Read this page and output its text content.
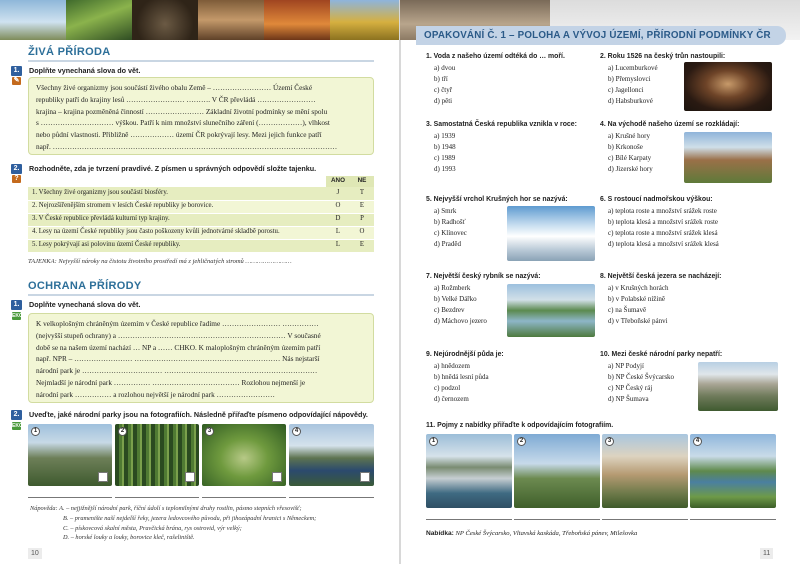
ŽIVÁ PŘÍRODA
1.
✎
Doplňte vynechaná slova do vět.
Všechny živé organizmy jsou součástí živého obalu Země – …………………… Území České
republiky patří do krajiny lesů …………………… ………. V ČR převládá ……………………
krajina – krajina pozměněná činností …………………… Základní životní podmínky se mění spolu
s ………………………… výškou. Patří k nim množství slunečního záření (………………), vlhkost
nebo půdní vlastnosti. Přibližně ……………… území ČR pokrývají lesy. Mezi jejich funkce patří
např. ………………………………………………………………………………………………………
2.
?
Rozhodněte, zda je tvrzení pravdivé. Z písmen u správných odpovědí složte tajenku.
	ANO	NE
1. Všechny živé organizmy jsou součástí biosféry.	J	T
2. Nejrozšířenějším stromem v lesích České republiky je borovice.	O	E
3. V České republice převládá kulturní typ krajiny.	D	P
4. Lesy na území České republiky jsou často poškozeny kvůli jednotvárné skladbě porostu.	L	O
5. Lesy pokrývají asi polovinu území České republiky.	L	E
TAJENKA: Nejvyšší nároky na čistotu životního prostředí má z jehličnatých stromů ……………………
OCHRANA PŘÍRODY
1.
EKO
Doplňte vynechaná slova do vět.
K velkoplošným chráněným územím v České republice řadíme …………………… ……………
(nejvyšší stupeň ochrany) a …………………………………………………………… V současné
době se na našem území nachází … NP a …… CHKO. K maloplošným chráněným územím patří
např. NPR – …………………… …………………………………………………… Nás nejstarší
národní park je …………………………… ………………………………………………………
Nejmladší je národní park …………… ……………………………… Rozlohou nejmenší je
národní park …………… a rozlohou největší je národní park ……………………
2.
EKO
Uveďte, jaké národní parky jsou na fotografiích. Následně přiřaďte písmeno odpovídající nápovědy.
1	2	3	4
Nápověda: A. – nejjižnější národní park, říční údolí s teplomilnými druhy rostlin, pásmo stepních vřesovišť;
B. – pramenište naší nejdelší řeky, jezera ledovcového původu, při jihozápadní hranici s Německem;
C. – pískovcová skalní města, Pravčická brána, rys ostrovid, výr velký;
D. – horské louky a louky, borovice kleč, rašeliniště.
10
OPAKOVÁNÍ Č. 1 – POLOHA A VÝVOJ ÚZEMÍ, PŘÍRODNÍ PODMÍNKY ČR
1. Voda z našeho území odtéká do … moří.
a) dvou
b) tří
c) čtyř
d) pěti
3. Samostatná Česká republika vznikla v roce:
a) 1939
b) 1948
c) 1989
d) 1993
5. Nejvyšší vrchol Krušných hor se nazývá:
a) Smrk
b) Radhošť
c) Klínovec
d) Praděd
7. Největší český rybník se nazývá:
a) Rožmberk
b) Velké Dářko
c) Bezdrev
d) Máchovo jezero
9. Nejúrodnější půda je:
a) hnědozem
b) hnědá lesní půda
c) podzol
d) černozem
2. Roku 1526 na český trůn nastoupili:
a) Lucemburkové
b) Přemyslovci
c) Jagellonci
d) Habsburkové
4. Na východě našeho území se rozkládají:
a) Krušné hory
b) Krkonoše
c) Bílé Karpaty
d) Jizerské hory
6. S rostoucí nadmořskou výškou:
a) teplota roste a množství srážek roste
b) teplota klesá a množství srážek roste
c) teplota roste a množství srážek klesá
d) teplota klesá a množství srážek klesá
8. Největší česká jezera se nacházejí:
a) v Krušných horách
b) v Polabské nížině
c) na Šumavě
d) v Třeboňské pánvi
10. Mezi české národní parky nepatří:
a) NP Podyjí
b) NP České Švýcarsko
c) NP Český ráj
d) NP Šumava
11. Pojmy z nabídky přiřaďte k odpovídajícím fotografiím.
1	2	3	4
Nabídka: NP České Švýcarsko, Vltavská kaskáda, Třeboňská pánev, Milešovka
11
